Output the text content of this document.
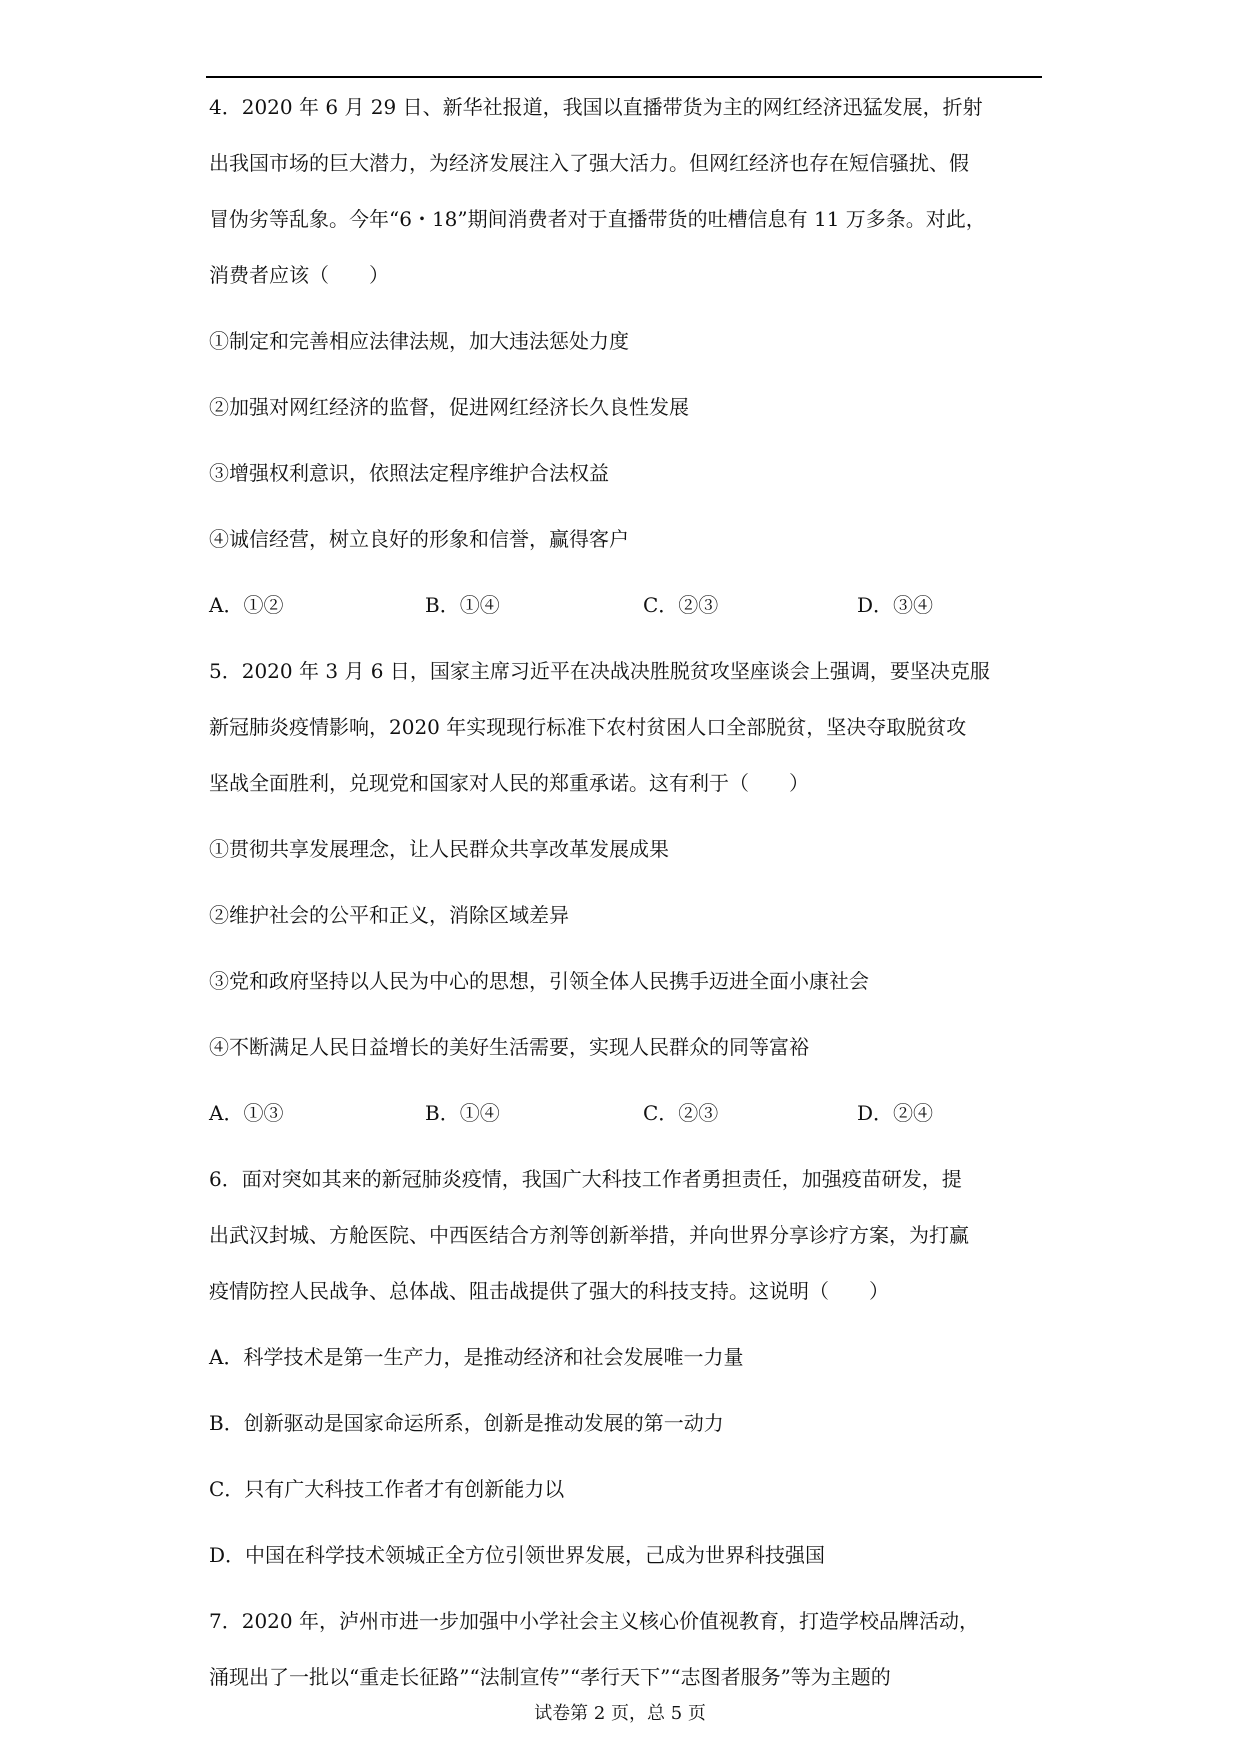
4．2020 年 6 月 29 日、新华社报道，我国以直播带货为主的网红经济迅猛发展，折射
出我国市场的巨大潜力，为经济发展注入了强大活力。但网红经济也存在短信骚扰、假
冒伪劣等乱象。今年“6・18”期间消费者对于直播带货的吐槽信息有 11 万多条。对此，
消费者应该（　　）
①制定和完善相应法律法规，加大违法惩处力度
②加强对网红经济的监督，促进网红经济长久良性发展
③增强权利意识，依照法定程序维护合法权益
④诚信经营，树立良好的形象和信誉，赢得客户
A．①②	B．①④	C．②③	D．③④
5．2020 年 3 月 6 日，国家主席习近平在决战决胜脱贫攻坚座谈会上强调，要坚决克服
新冠肺炎疫情影响，2020 年实现现行标准下农村贫困人口全部脱贫，坚决夺取脱贫攻
坚战全面胜利，兑现党和国家对人民的郑重承诺。这有利于（　　）
①贯彻共享发展理念，让人民群众共享改革发展成果
②维护社会的公平和正义，消除区域差异
③党和政府坚持以人民为中心的思想，引领全体人民携手迈进全面小康社会
④不断满足人民日益增长的美好生活需要，实现人民群众的同等富裕
A．①③	B．①④	C．②③	D．②④
6．面对突如其来的新冠肺炎疫情，我国广大科技工作者勇担责任，加强疫苗研发，提
出武汉封城、方舱医院、中西医结合方剂等创新举措，并向世界分享诊疗方案，为打赢
疫情防控人民战争、总体战、阻击战提供了强大的科技支持。这说明（　　）
A．科学技术是第一生产力，是推动经济和社会发展唯一力量
B．创新驱动是国家命运所系，创新是推动发展的第一动力
C．只有广大科技工作者才有创新能力以
D．中国在科学技术领城正全方位引领世界发展，己成为世界科技强国
7．2020 年，泸州市进一步加强中小学社会主义核心价值视教育，打造学校品牌活动，
涌现出了一批以“重走长征路”“法制宣传”“孝行天下”“志图者服务”等为主题的
试卷第 2 页，总 5 页
